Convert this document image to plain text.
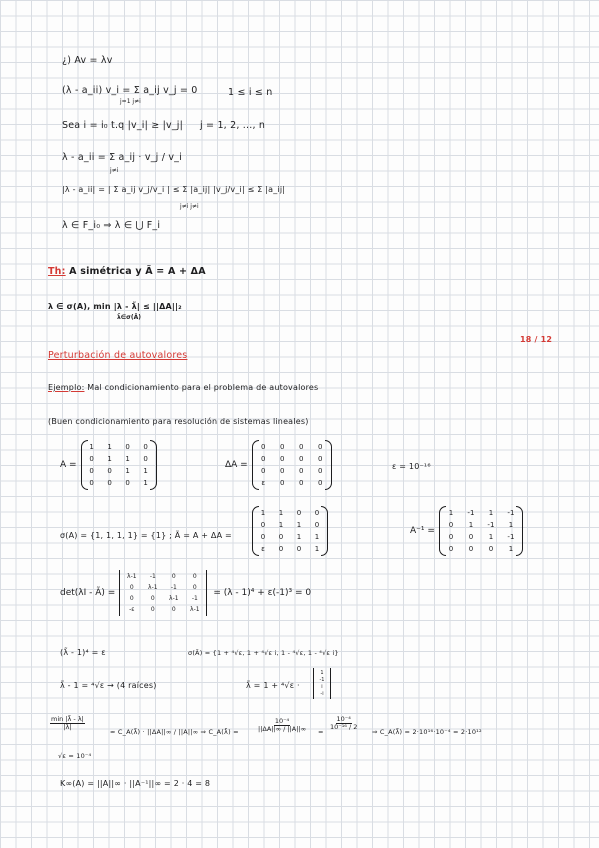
¿) Av = λv
(λ - a_ii) v_i = Σ a_ij v_j = 0
j=1 j≠i
1 ≤ i ≤ n
Sea i = i₀ t.q |v_i| ≥ |v_j| j = 1, 2, ..., n
λ - a_ii = Σ a_ij · v_j / v_i
j≠i
|λ - a_ii| = | Σ a_ij v_j/v_i | ≤ Σ |a_ij| |v_j/v_i| ≤ Σ |a_ij|
j≠i j≠i
λ ∈ F_i₀ ⇒ λ ∈ ⋃ F_i
Th: A simétrica y Ã = A + ΔA
λ ∈ σ(A), min |λ - λ̃| ≤ ||ΔA||₂
λ̃∈σ(Ã)
18 / 12
Perturbación de autovalores
Ejemplo: Mal condicionamiento para el problema de autovalores
(Buen condicionamiento para resolución de sistemas lineales)
A =
1	1	0	0
0	1	1	0
0	0	1	1
0	0	0	1
ΔA =
0	0	0	0
0	0	0	0
0	0	0	0
ε	0	0	0
ε = 10⁻¹⁶
σ(A) = {1, 1, 1, 1} = {1} ; Ã = A + ΔA =
1	1	0	0
0	1	1	0
0	0	1	1
ε	0	0	1
A⁻¹ =
1	-1	1	-1
0	1	-1	1
0	0	1	-1
0	0	0	1
det(λI - Ã) =
λ-1	-1	0	0
0	λ-1	-1	0
0	0	λ-1	-1
-ε	0	0	λ-1
= (λ - 1)⁴ + ε(-1)³ = 0
(λ̃ - 1)⁴ = ε	σ(Ã) = {1 + ⁴√ε, 1 + ⁴√ε i, 1 - ⁴√ε, 1 - ⁴√ε i}
λ̃ - 1 = ⁴√ε → (4 raíces)	λ̃ = 1 + ⁴√ε ·
1
-1
i
-i
min |λ̃ - λ|
|λ|
≃ C_A(λ̃) · ||ΔA||∞ / ||A||∞ ⇒ C_A(λ̃) =	$\frac{\text{10⁻⁴}}{||\Delta A||\infty / ||A||\infty}$ =
$\frac{\text{10⁻⁴}}{\text{10⁻¹⁶ / 2}}$
⇒ C_A(λ̃) = 2·10¹⁶·10⁻⁴ = 2·10¹²
√ε = 10⁻⁴
K∞(A) = ||A||∞ · ||A⁻¹||∞ = 2 · 4 = 8
